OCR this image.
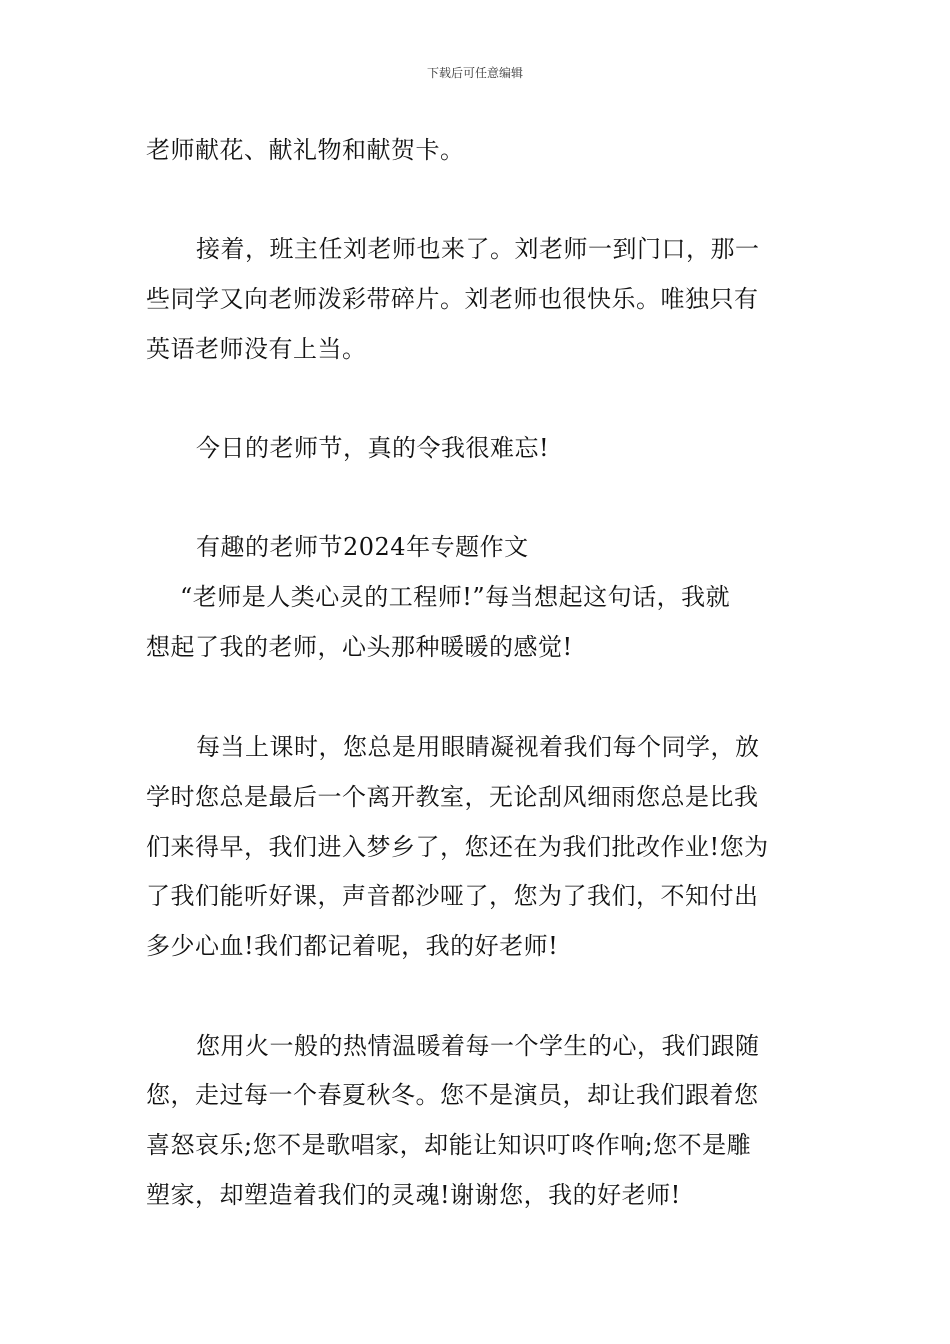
下载后可任意编辑
老师献花、献礼物和献贺卡。
接着，班主任刘老师也来了。刘老师一到门口，那一
些同学又向老师泼彩带碎片。刘老师也很快乐。唯独只有
英语老师没有上当。
今日的老师节，真的令我很难忘!
有趣的老师节2024年专题作文
“老师是人类心灵的工程师!”每当想起这句话，我就
想起了我的老师，心头那种暖暖的感觉!
每当上课时，您总是用眼睛凝视着我们每个同学，放
学时您总是最后一个离开教室，无论刮风细雨您总是比我
们来得早，我们进入梦乡了，您还在为我们批改作业!您为
了我们能听好课，声音都沙哑了，您为了我们，不知付出
多少心血!我们都记着呢，我的好老师!
您用火一般的热情温暖着每一个学生的心，我们跟随
您，走过每一个春夏秋冬。您不是演员，却让我们跟着您
喜怒哀乐;您不是歌唱家，却能让知识叮咚作响;您不是雕
塑家，却塑造着我们的灵魂!谢谢您，我的好老师!
